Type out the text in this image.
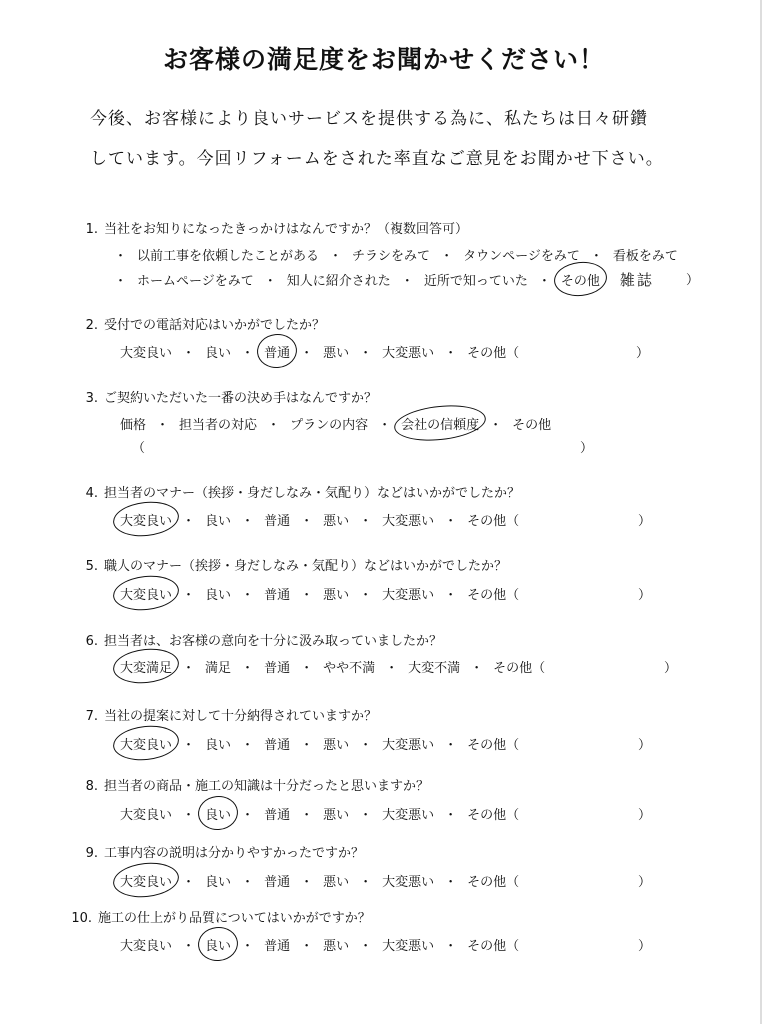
お客様の満足度をお聞かせください！
今後、お客様により良いサービスを提供する為に、私たちは日々研鑽
しています。今回リフォームをされた率直なご意見をお聞かせ下さい。
1. 当社をお知りになったきっかけはなんですか？（複数回答可）
・ 以前工事を依頼したことがある ・ チラシをみて ・ タウンページをみて ・ 看板をみて
・ ホームページをみて ・ 知人に紹介された ・ 近所で知っていた ・ その他 雑誌 ）
2. 受付での電話対応はいかがでしたか？
大変良い ・ 良い ・ 普通 ・ 悪い ・ 大変悪い ・ その他（	）
3. ご契約いただいた一番の決め手はなんですか？
価格 ・ 担当者の対応 ・ プランの内容 ・ 会社の信頼度 ・ その他
（	）
4. 担当者のマナー（挨拶・身だしなみ・気配り）などはいかがでしたか？
大変良い ・ 良い ・ 普通 ・ 悪い ・ 大変悪い ・ その他（	）
5. 職人のマナー（挨拶・身だしなみ・気配り）などはいかがでしたか？
大変良い ・ 良い ・ 普通 ・ 悪い ・ 大変悪い ・ その他（	）
6. 担当者は、お客様の意向を十分に汲み取っていましたか？
大変満足 ・ 満足 ・ 普通 ・ やや不満 ・ 大変不満 ・ その他（	）
7. 当社の提案に対して十分納得されていますか？
大変良い ・ 良い ・ 普通 ・ 悪い ・ 大変悪い ・ その他（	）
8. 担当者の商品・施工の知識は十分だったと思いますか？
大変良い ・ 良い ・ 普通 ・ 悪い ・ 大変悪い ・ その他（	）
9. 工事内容の説明は分かりやすかったですか？
大変良い ・ 良い ・ 普通 ・ 悪い ・ 大変悪い ・ その他（	）
10. 施工の仕上がり品質についてはいかがですか？
大変良い ・ 良い ・ 普通 ・ 悪い ・ 大変悪い ・ その他（	）
